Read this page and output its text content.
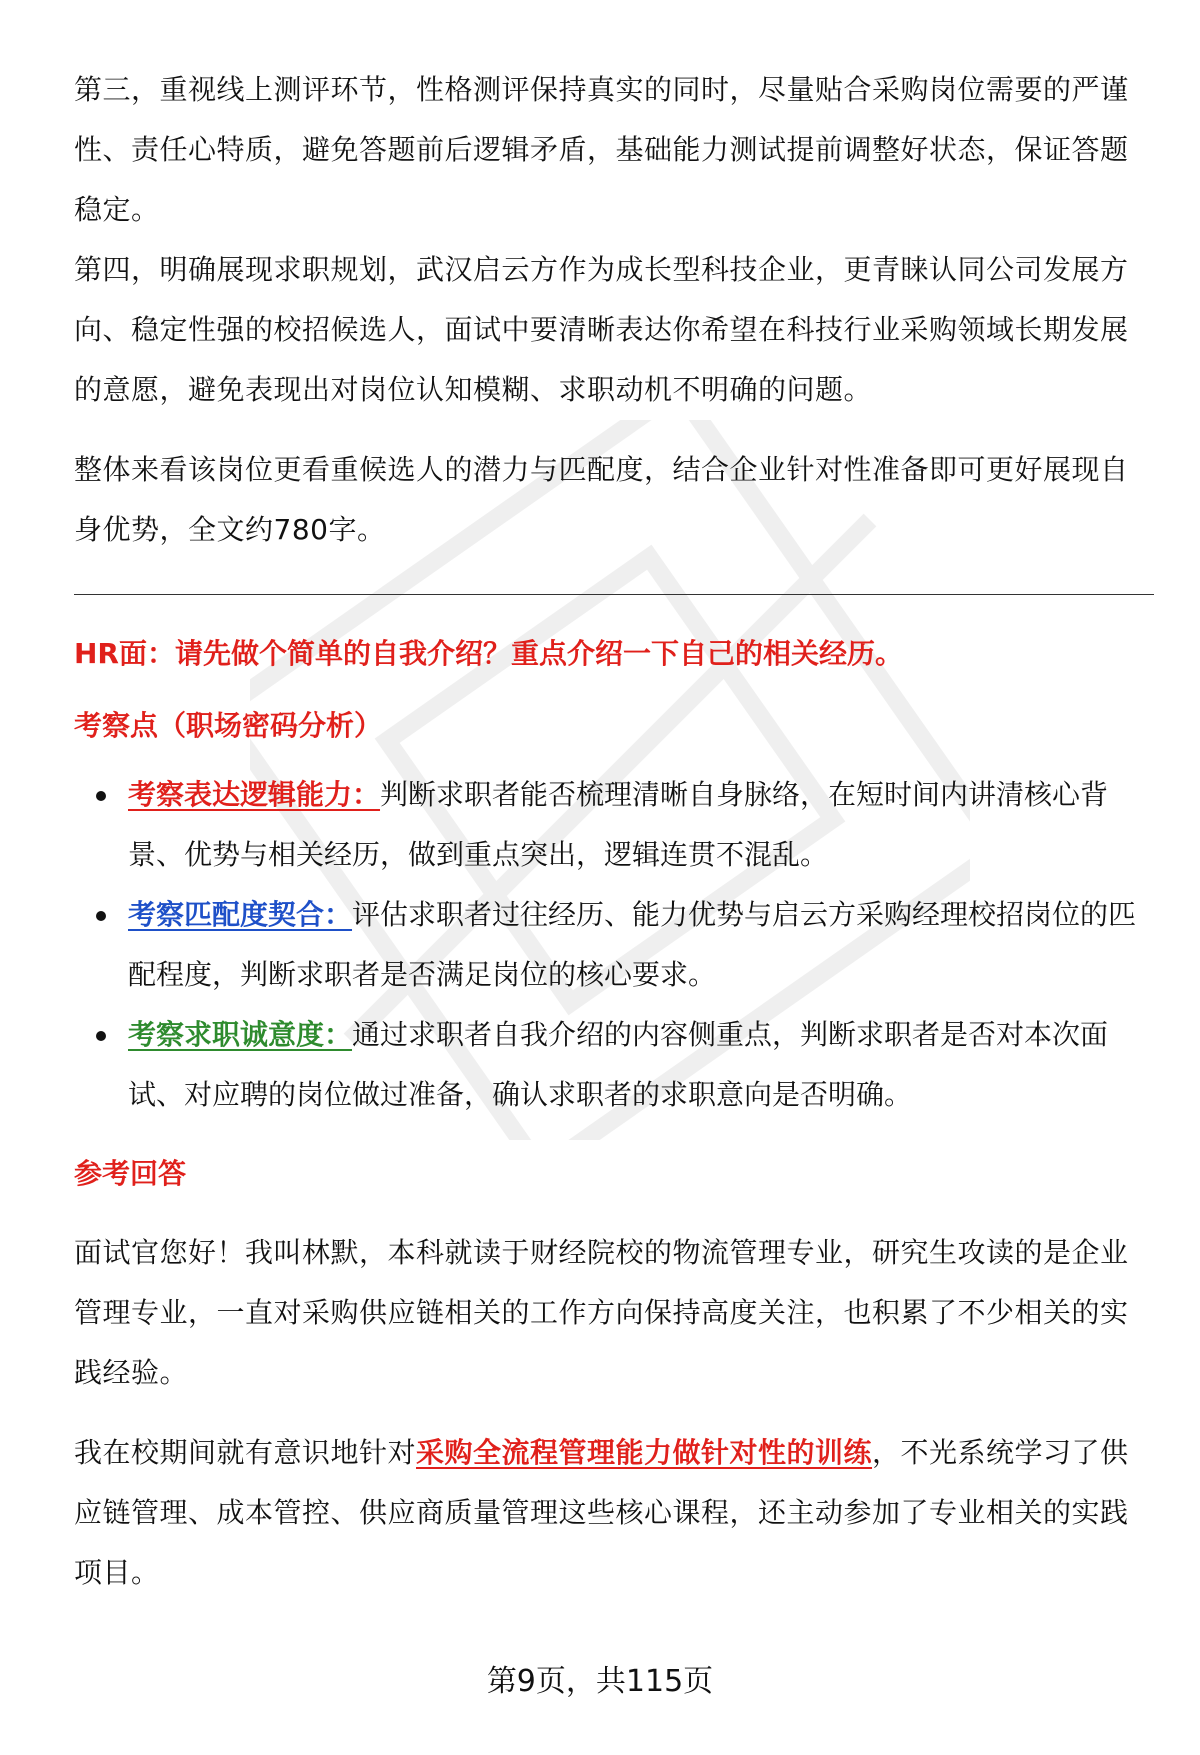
第三，重视线上测评环节，性格测评保持真实的同时，尽量贴合采购岗位需要的严谨性、责任心特质，避免答题前后逻辑矛盾，基础能力测试提前调整好状态，保证答题稳定。

第四，明确展现求职规划，武汉启云方作为成长型科技企业，更青睐认同公司发展方向、稳定性强的校招候选人，面试中要清晰表达你希望在科技行业采购领域长期发展的意愿，避免表现出对岗位认知模糊、求职动机不明确的问题。

整体来看该岗位更看重候选人的潜力与匹配度，结合企业针对性准备即可更好展现自身优势，全文约780字。

HR面：请先做个简单的自我介绍？重点介绍一下自己的相关经历。
考察点（职场密码分析）
考察表达逻辑能力：判断求职者能否梳理清晰自身脉络，在短时间内讲清核心背景、优势与相关经历，做到重点突出，逻辑连贯不混乱。
考察匹配度契合：评估求职者过往经历、能力优势与启云方采购经理校招岗位的匹配程度，判断求职者是否满足岗位的核心要求。
考察求职诚意度：通过求职者自我介绍的内容侧重点，判断求职者是否对本次面试、对应聘的岗位做过准备，确认求职者的求职意向是否明确。
参考回答

面试官您好！我叫林默，本科就读于财经院校的物流管理专业，研究生攻读的是企业管理专业，一直对采购供应链相关的工作方向保持高度关注，也积累了不少相关的实践经验。

我在校期间就有意识地针对采购全流程管理能力做针对性的训练，不光系统学习了供应链管理、成本管控、供应商质量管理这些核心课程，还主动参加了专业相关的实践项目。

第9页，共115页
